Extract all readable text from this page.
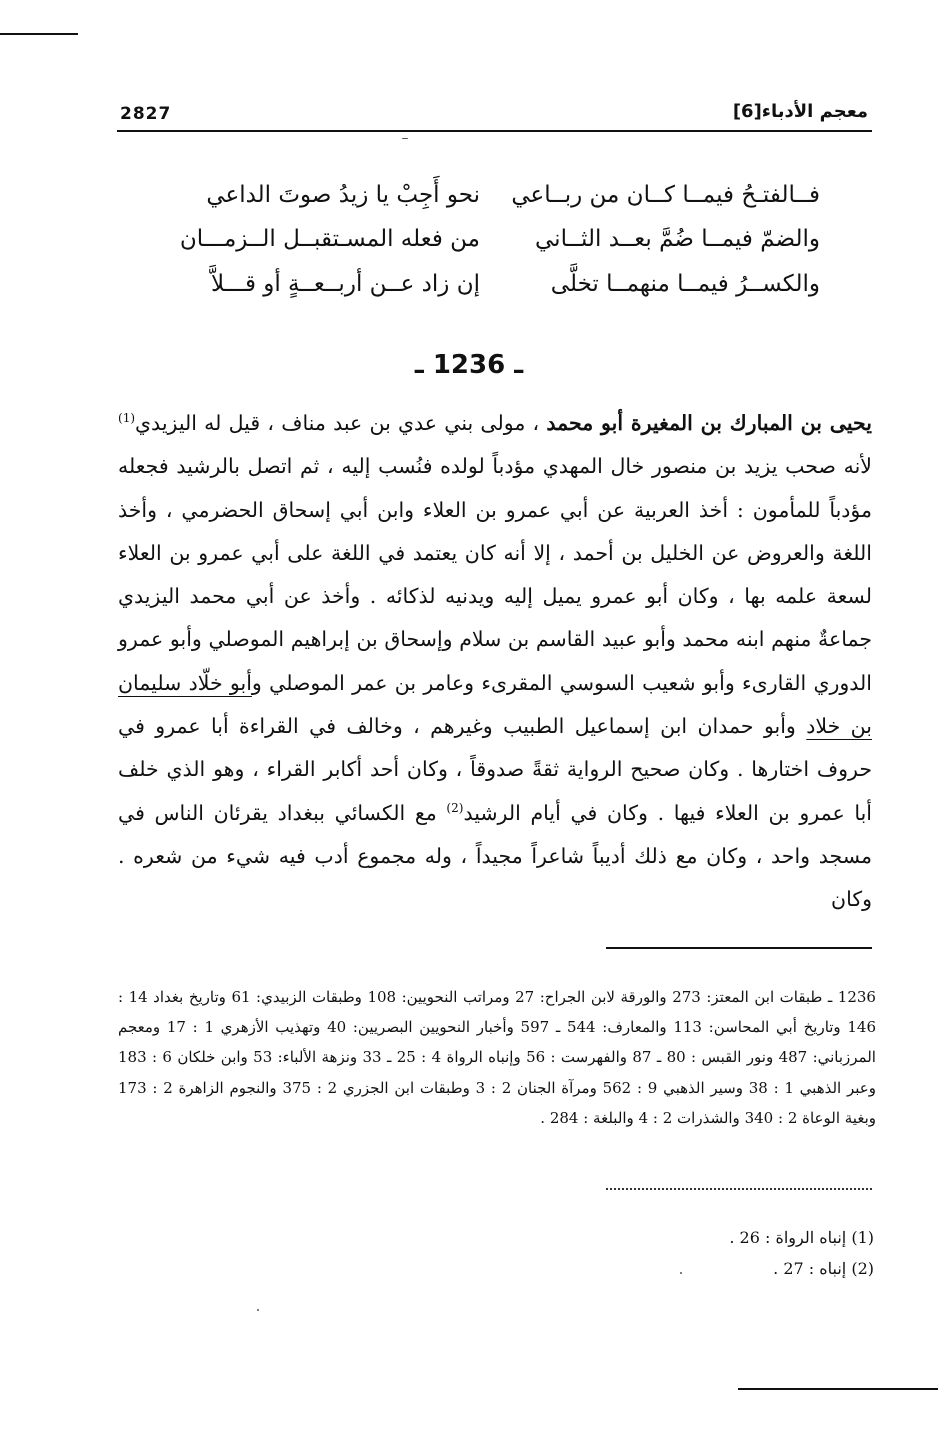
2827	معجم الأدباء[6]
فــالفتـحُ فيمــا كــان من ربــاعي
نحو أَجِبْ يا زيدُ صوتَ الداعي
والضمّ فيمــا ضُمَّ بعــد الثــاني
من فعله المسـتقبــل الــزمـــان
والكســرُ فيمــا منهمــا تخلَّى
إن زاد عــن أربــعــةٍ أو قـــلاَّ
ـ 1236 ـ
يحيى بن المبارك بن المغيرة أبو محمد ، مولى بني عدي بن عبد مناف ، قيل له اليزيدي$^{(1)}$ لأنه صحب يزيد بن منصور خال المهدي مؤدباً لولده فنُسب إليه ، ثم اتصل بالرشيد فجعله مؤدباً للمأمون : أخذ العربية عن أبي عمرو بن العلاء وابن أبي إسحاق الحضرمي ، وأخذ اللغة والعروض عن الخليل بن أحمد ، إلا أنه كان يعتمد في اللغة على أبي عمرو بن العلاء لسعة علمه بها ، وكان أبو عمرو يميل إليه ويدنيه لذكائه . وأخذ عن أبي محمد اليزيدي جماعةٌ منهم ابنه محمد وأبو عبيد القاسم بن سلام وإسحاق بن إبراهيم الموصلي وأبو عمرو الدوري القارىء وأبو شعيب السوسي المقرىء وعامر بن عمر الموصلي وأبو خلّاد سليمان بن خلاد وأبو حمدان ابن إسماعيل الطبيب وغيرهم ، وخالف في القراءة أبا عمرو في حروف اختارها . وكان صحيح الرواية ثقةً صدوقاً ، وكان أحد أكابر القراء ، وهو الذي خلف أبا عمرو بن العلاء فيها . وكان في أيام الرشيد$^{(2)}$ مع الكسائي ببغداد يقرئان الناس في مسجد واحد ، وكان مع ذلك أديباً شاعراً مجيداً ، وله مجموع أدب فيه شيء من شعره . وكان
1236 ـ طبقات ابن المعتز: 273 والورقة لابن الجراح: 27 ومراتب النحويين: 108 وطبقات الزبيدي: 61 وتاريخ بغداد 14 : 146 وتاريخ أبي المحاسن: 113 والمعارف: 544 ـ 597 وأخبار النحويين البصريين: 40 وتهذيب الأزهري 1 : 17 ومعجم المرزباني: 487 ونور القبس : 80 ـ 87 والفهرست : 56 وإنباه الرواة 4 : 25 ـ 33 ونزهة الألباء: 53 وابن خلكان 6 : 183 وعبر الذهبي 1 : 38 وسير الذهبي 9 : 562 ومرآة الجنان 2 : 3 وطبقات ابن الجزري 2 : 375 والنجوم الزاهرة 2 : 173 وبغية الوعاة 2 : 340 والشذرات 2 : 4 والبلغة : 284 .
(1) إنباه الرواة : 26 .
(2) إنباه : 27 .
